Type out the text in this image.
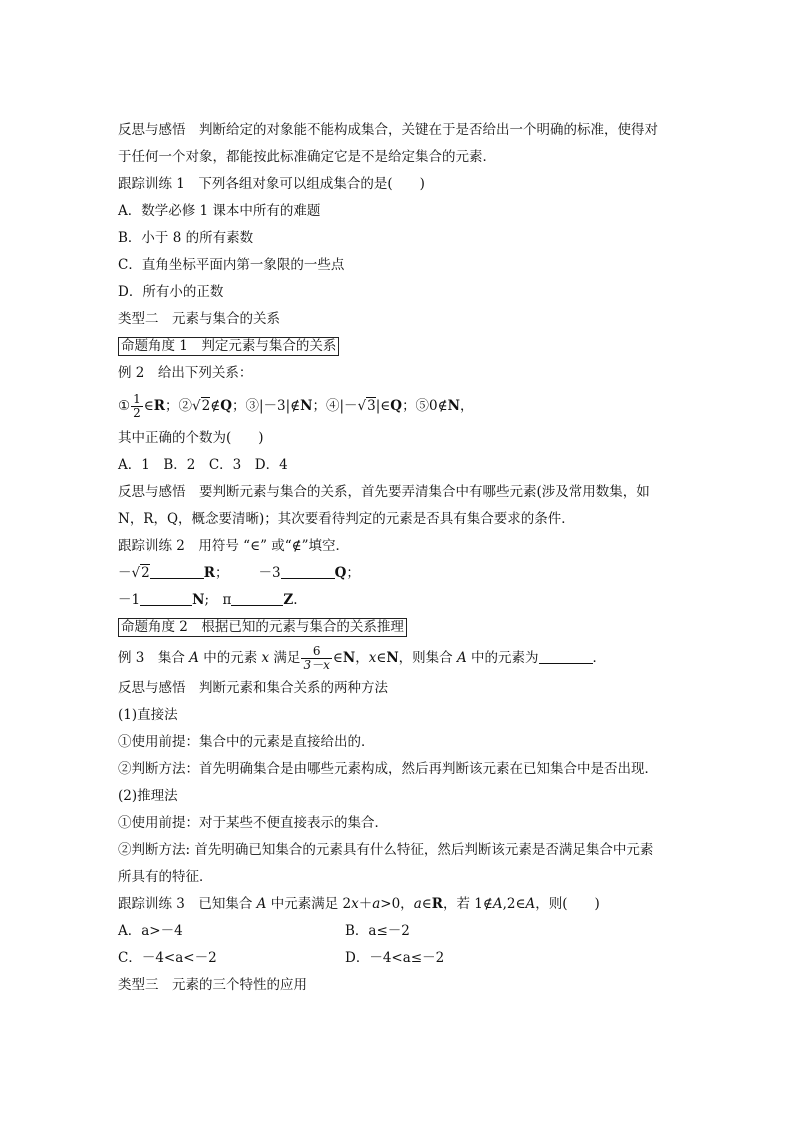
反思与感悟　判断给定的对象能不能构成集合，关键在于是否给出一个明确的标准，使得对

于任何一个对象，都能按此标准确定它是不是给定集合的元素．

跟踪训练 1　下列各组对象可以组成集合的是(　　)

A．数学必修 1 课本中所有的难题

B．小于 8 的所有素数

C．直角坐标平面内第一象限的一些点

D．所有小的正数

类型二　元素与集合的关系

命题角度 1　判定元素与集合的关系

例 2　给出下列关系：

① $\frac{1}{2}$ ∈R；②√2∉Q；③|－3|∉N；④|－√3|∈Q；⑤0∉N，

其中正确的个数为(　　)

A．1　B．2　C．3　D．4

反思与感悟　要判断元素与集合的关系，首先要弄清集合中有哪些元素(涉及常用数集，如

N，R，Q，概念要清晰)；其次要看待判定的元素是否具有集合要求的条件．

跟踪训练 2　用符号 “∈” 或“∉”填空．

－√2	R； －3	Q；

－1	N;　π	Z.

命题角度 2　根据已知的元素与集合的关系推理

例 3　集合 A 中的元素 x 满足 $\frac{6}{3-x}$ ∈N，x∈N，则集合 A 中的元素为	．

反思与感悟　判断元素和集合关系的两种方法

(1)直接法

①使用前提：集合中的元素是直接给出的．

②判断方法：首先明确集合是由哪些元素构成，然后再判断该元素在已知集合中是否出现．

(2)推理法

①使用前提：对于某些不便直接表示的集合．

②判断方法: 首先明确已知集合的元素具有什么特征，然后判断该元素是否满足集合中元素

所具有的特征．

跟踪训练 3　已知集合 A 中元素满足 2x＋a>0，a∈R，若 1∉A,2∈A，则(　　)

A．a>－4	B．a≤－2

C．－4<a<－2	D．－4<a≤－2

类型三　元素的三个特性的应用
